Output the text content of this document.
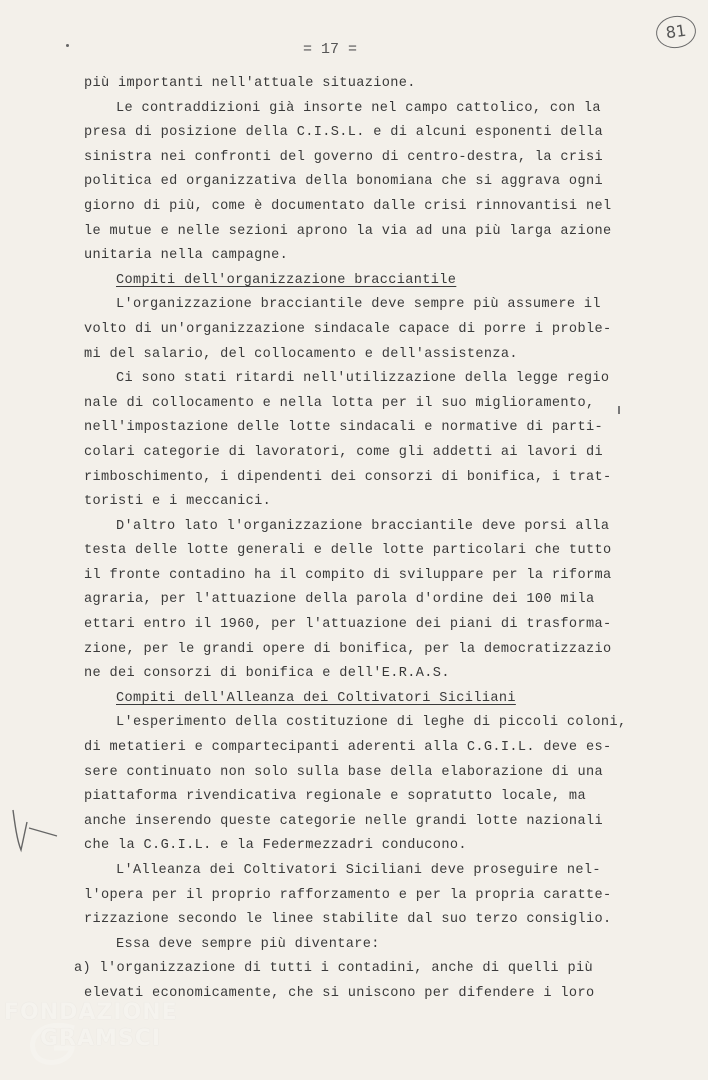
= 17 =
81
più importanti nell'attuale situazione.
Le contraddizioni già insorte nel campo cattolico, con la
presa di posizione della C.I.S.L. e di alcuni esponenti della
sinistra nei confronti del governo di centro-destra, la crisi
politica ed organizzativa della bonomiana che si aggrava ogni
giorno di più, come è documentato dalle crisi rinnovantisi nel
le mutue e nelle sezioni aprono la via ad una più larga azione
unitaria nella campagne.
Compiti dell'organizzazione bracciantile
L'organizzazione bracciantile deve sempre più assumere il
volto di un'organizzazione sindacale capace di porre i proble-
mi del salario, del collocamento e dell'assistenza.
Ci sono stati ritardi nell'utilizzazione della legge regio
nale di collocamento e nella lotta per il suo miglioramento,
nell'impostazione delle lotte sindacali e normative di parti-
colari categorie di lavoratori, come gli addetti ai lavori di
rimboschimento, i dipendenti dei consorzi di bonifica, i trat-
toristi e i meccanici.
D'altro lato l'organizzazione bracciantile deve porsi alla
testa delle lotte generali e delle lotte particolari che tutto
il fronte contadino ha il compito di sviluppare per la riforma
agraria, per l'attuazione della parola d'ordine dei 100 mila
ettari entro il 1960, per l'attuazione dei piani di trasforma-
zione, per le grandi opere di bonifica, per la democratizzazio
ne dei consorzi di bonifica e dell'E.R.A.S.
Compiti dell'Alleanza dei Coltivatori Siciliani
L'esperimento della costituzione di leghe di piccoli coloni,
di metatieri e compartecipanti aderenti alla C.G.I.L. deve es-
sere continuato non solo sulla base della elaborazione di una
piattaforma rivendicativa regionale e sopratutto locale, ma
anche inserendo queste categorie nelle grandi lotte nazionali
che la C.G.I.L. e la Federmezzadri conducono.
L'Alleanza dei Coltivatori Siciliani deve proseguire nel-
l'opera per il proprio rafforzamento e per la propria caratte-
rizzazione secondo le linee stabilite dal suo terzo consiglio.
Essa deve sempre più diventare:
a) l'organizzazione di tutti i contadini, anche di quelli più
elevati economicamente, che si uniscono per difendere i loro
FONDAZIONE
GRAMSCI
